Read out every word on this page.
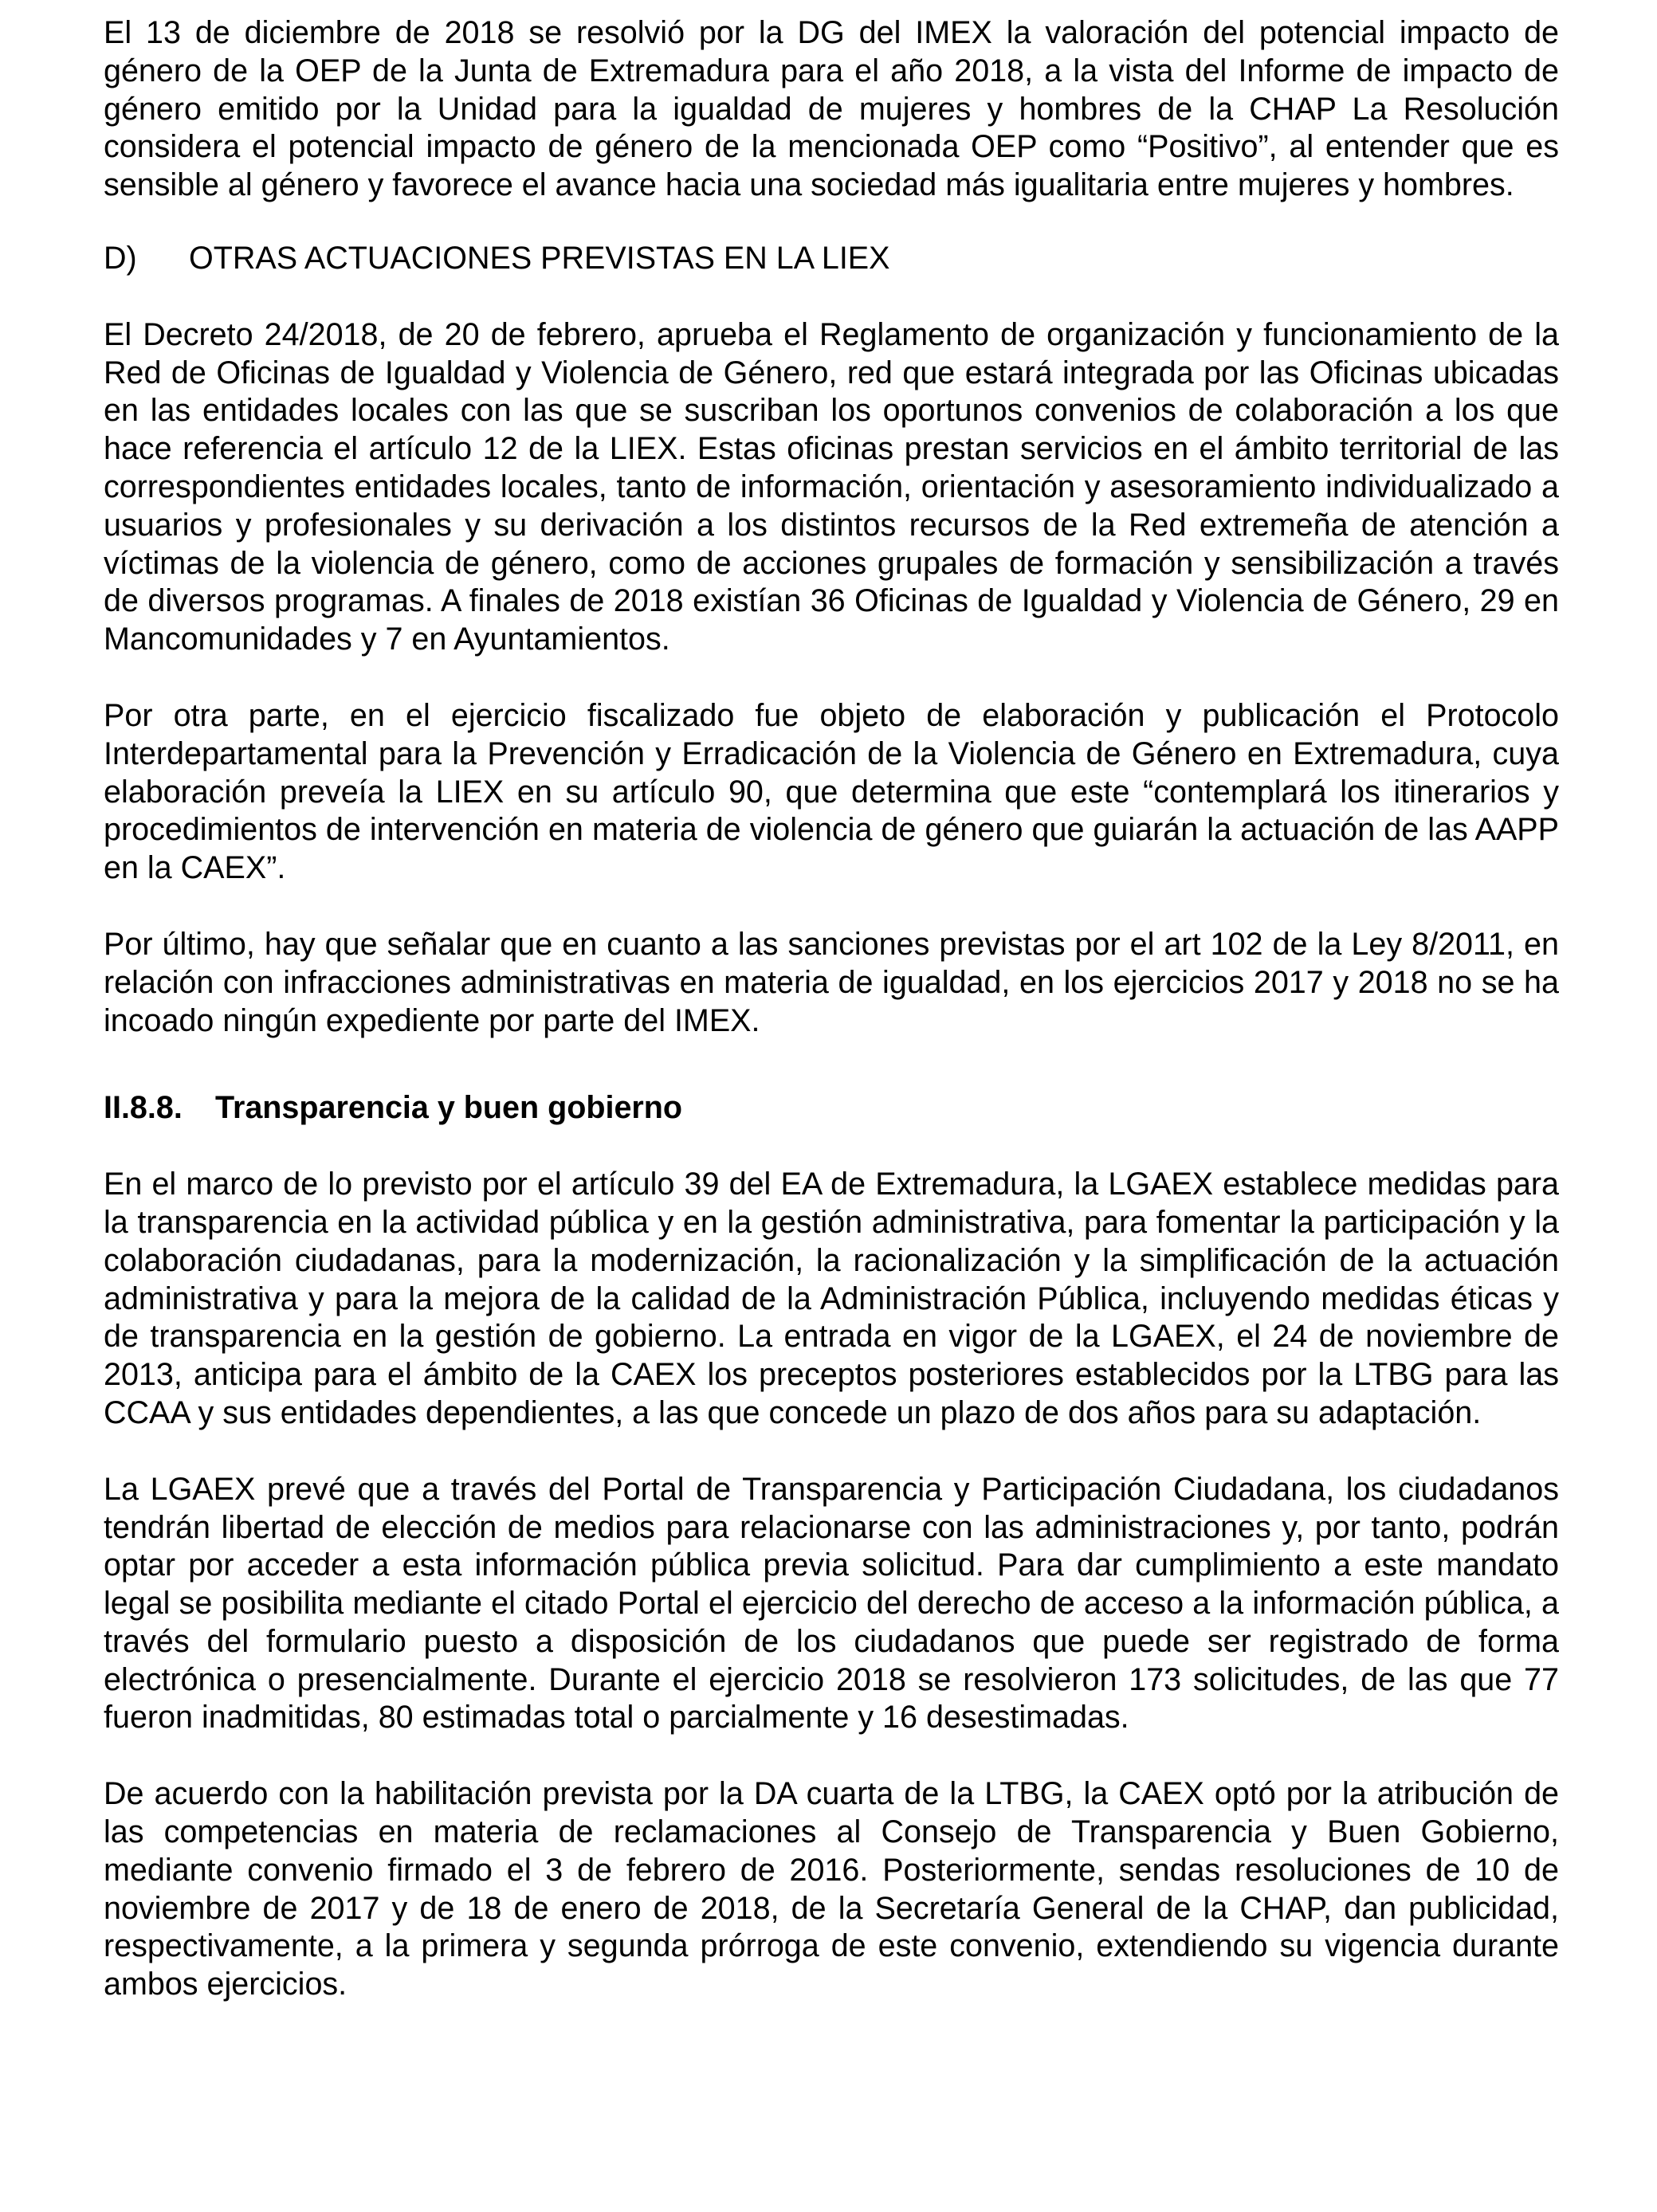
El 13 de diciembre de 2018 se resolvió por la DG del IMEX la valoración del potencial impacto de género de la OEP de la Junta de Extremadura para el año 2018, a la vista del Informe de impacto de género emitido por la Unidad para la igualdad de mujeres y hombres de la CHAP La Resolución considera el potencial impacto de género de la mencionada OEP como “Positivo”, al entender que es sensible al género y favorece el avance hacia una sociedad más igualitaria entre mujeres y hombres.

D)	OTRAS ACTUACIONES PREVISTAS EN LA LIEX

El Decreto 24/2018, de 20 de febrero, aprueba el Reglamento de organización y funcionamiento de la Red de Oficinas de Igualdad y Violencia de Género, red que estará integrada por las Oficinas ubicadas en las entidades locales con las que se suscriban los oportunos convenios de colaboración a los que hace referencia el artículo 12 de la LIEX. Estas oficinas prestan servicios en el ámbito territorial de las correspondientes entidades locales, tanto de información, orientación y asesoramiento individualizado a usuarios y profesionales y su derivación a los distintos recursos de la Red extremeña de atención a víctimas de la violencia de género, como de acciones grupales de formación y sensibilización a través de diversos programas. A finales de 2018 existían 36 Oficinas de Igualdad y Violencia de Género, 29 en Mancomunidades y 7 en Ayuntamientos.

Por otra parte, en el ejercicio fiscalizado fue objeto de elaboración y publicación el Protocolo Interdepartamental para la Prevención y Erradicación de la Violencia de Género en Extremadura, cuya elaboración preveía la LIEX en su artículo 90, que determina que este “contemplará los itinerarios y procedimientos de intervención en materia de violencia de género que guiarán la actuación de las AAPP en la CAEX”.

Por último, hay que señalar que en cuanto a las sanciones previstas por el art 102 de la Ley 8/2011, en relación con infracciones administrativas en materia de igualdad, en los ejercicios 2017 y 2018 no se ha incoado ningún expediente por parte del IMEX.

II.8.8.	Transparencia y buen gobierno

En el marco de lo previsto por el artículo 39 del EA de Extremadura, la LGAEX establece medidas para la transparencia en la actividad pública y en la gestión administrativa, para fomentar la participación y la colaboración ciudadanas, para la modernización, la racionalización y la simplificación de la actuación administrativa y para la mejora de la calidad de la Administración Pública, incluyendo medidas éticas y de transparencia en la gestión de gobierno. La entrada en vigor de la LGAEX, el 24 de noviembre de 2013, anticipa para el ámbito de la CAEX los preceptos posteriores establecidos por la LTBG para las CCAA y sus entidades dependientes, a las que concede un plazo de dos años para su adaptación.

La LGAEX prevé que a través del Portal de Transparencia y Participación Ciudadana, los ciudadanos tendrán libertad de elección de medios para relacionarse con las administraciones y, por tanto, podrán optar por acceder a esta información pública previa solicitud. Para dar cumplimiento a este mandato legal se posibilita mediante el citado Portal el ejercicio del derecho de acceso a la información pública, a través del formulario puesto a disposición de los ciudadanos que puede ser registrado de forma electrónica o presencialmente. Durante el ejercicio 2018 se resolvieron 173 solicitudes, de las que 77 fueron inadmitidas, 80 estimadas total o parcialmente y 16 desestimadas.

De acuerdo con la habilitación prevista por la DA cuarta de la LTBG, la CAEX optó por la atribución de las competencias en materia de reclamaciones al Consejo de Transparencia y Buen Gobierno, mediante convenio firmado el 3 de febrero de 2016. Posteriormente, sendas resoluciones de 10 de noviembre de 2017 y de 18 de enero de 2018, de la Secretaría General de la CHAP, dan publicidad, respectivamente, a la primera y segunda prórroga de este convenio, extendiendo su vigencia durante ambos ejercicios.
